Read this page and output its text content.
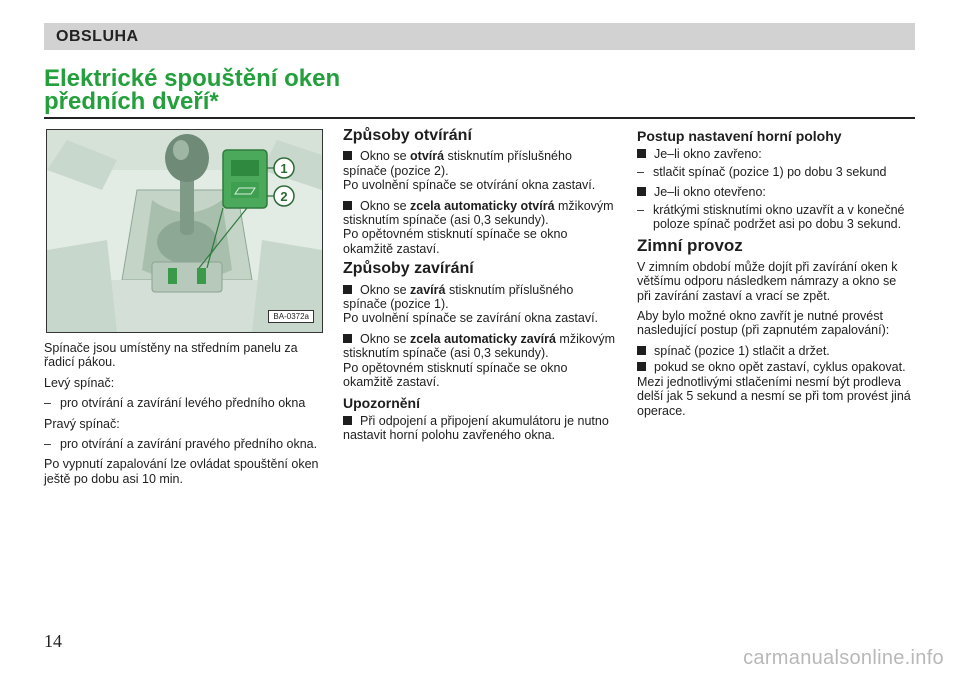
OBSLUHA
Elektrické spouštění oken
předních dveří*
1
2
BA-0372a

Spínače jsou umístěny na středním panelu za řadicí pákou.

Levý spínač:

– pro otvírání a zavírání levého předního okna

Pravý spínač:

– pro otvírání a zavírání pravého předního okna.

Po vypnutí zapalování lze ovládat spouštění oken ještě po dobu asi 10 min.

Způsoby otvírání

Okno se otvírá stisknutím příslušného spínače (pozice 2).
Po uvolnění spínače se otvírání okna zastaví.

Okno se zcela automaticky otvírá mžikovým stisknutím spínače (asi 0,3 sekundy).
Po opětovném stisknutí spínače se okno okamžitě zastaví.

Způsoby zavírání

Okno se zavírá stisknutím příslušného spínače (pozice 1).
Po uvolnění spínače se zavírání okna zastaví.

Okno se zcela automaticky zavírá mžikovým stisknutím spínače (asi 0,3 sekundy).
Po opětovném stisknutí spínače se okno okamžitě zastaví.

Upozornění

Při odpojení a připojení akumulátoru je nutno nastavit horní polohu zavřeného okna.

Postup nastavení horní polohy

Je–li okno zavřeno:

– stlačit spínač (pozice 1) po dobu 3 sekund

Je–li okno otevřeno:

– krátkými stisknutími okno uzavřít a v konečné poloze spínač podržet asi po dobu 3 sekund.
Zimní provoz

V zimním období může dojít při zavírání oken k většímu odporu následkem námrazy a okno se při zavírání zastaví a vrací se zpět.

Aby bylo možné okno zavřít je nutné provést nasledující postup (při zapnutém zapalování):

spínač (pozice 1) stlačit a držet.

pokud se okno opět zastaví, cyklus opakovat.

Mezi jednotlivými stlačeními nesmí být prodleva delší jak 5 sekund a nesmí se při tom provést jiná operace.

14
carmanualsonline.info
